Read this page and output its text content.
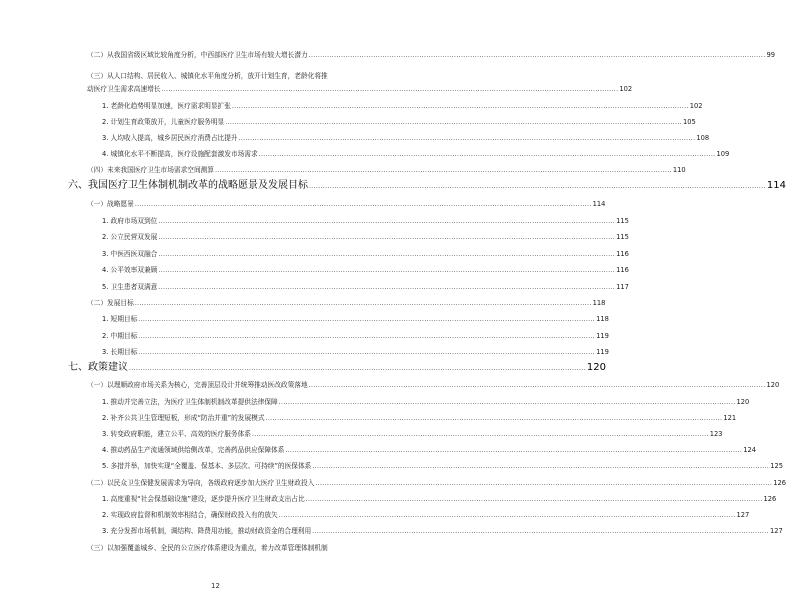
（二）从我国省级区域比较角度分析，中西部医疗卫生市场有较大增长潜力 .....	99
（三）从人口结构、居民收入、城镇化水平角度分析，放开计划生育，老龄化将推
动医疗卫生需求高速增长 .....	102
1. 老龄化趋势明显加速，医疗需求明显扩张 .....	102
2. 计划生育政策放开，儿童医疗服务明显 .....	105
3. 人均收入提高，城乡居民医疗消费占比提升 .....	108
4. 城镇化水平不断提高，医疗设施配套激发市场需求 .....	109
（四）未来我国医疗卫生市场需求空间测算 .....	110
六、我国医疗卫生体制机制改革的战略愿景及发展目标 .....	114
（一）战略愿景 .....	114
1. 政府市场双到位 .....	115
2. 公立民营双发展 .....	115
3. 中医西医双融合 .....	116
4. 公平效率双兼顾 .....	116
5. 卫生患者双满意 .....	117
（二）发展目标 .....	118
1. 短期目标 .....	118
2. 中期目标 .....	119
3. 长期目标 .....	119
七、政策建议 .....	120
（一）以理顺政府市场关系为核心，完善顶层设计并统筹推动医改政策落地 .....	120
1. 推动并完善立法，为医疗卫生体制机制改革提供法律保障 .....	120
2. 补齐公共卫生管理短板，形成“防治并重”的发展模式 .....	121
3. 转变政府职能，建立公平、高效的医疗服务体系 .....	123
4. 推动药品生产流通领域供给侧改革，完善药品供应保障体系 .....	124
5. 多措并举，加快实现“全覆盖、保基本、多层次、可持续”的医保体系 .....	125
（二）以民众卫生保健发展需求为导向，各级政府逐步加大医疗卫生财政投入 .....	126
1. 高度重视“社会保基础设施”建设，逐步提升医疗卫生财政支出占比 .....	126
2. 实现政府监督和机制效率相结合，确保财政投入有的放矢 .....	127
3. 充分发挥市场机制，调结构、降费用功能，推动财政资金的合理利用 .....	127
（三）以加强覆盖城乡、全民的公立医疗体系建设为重点，着力改革管理体制机制
12
